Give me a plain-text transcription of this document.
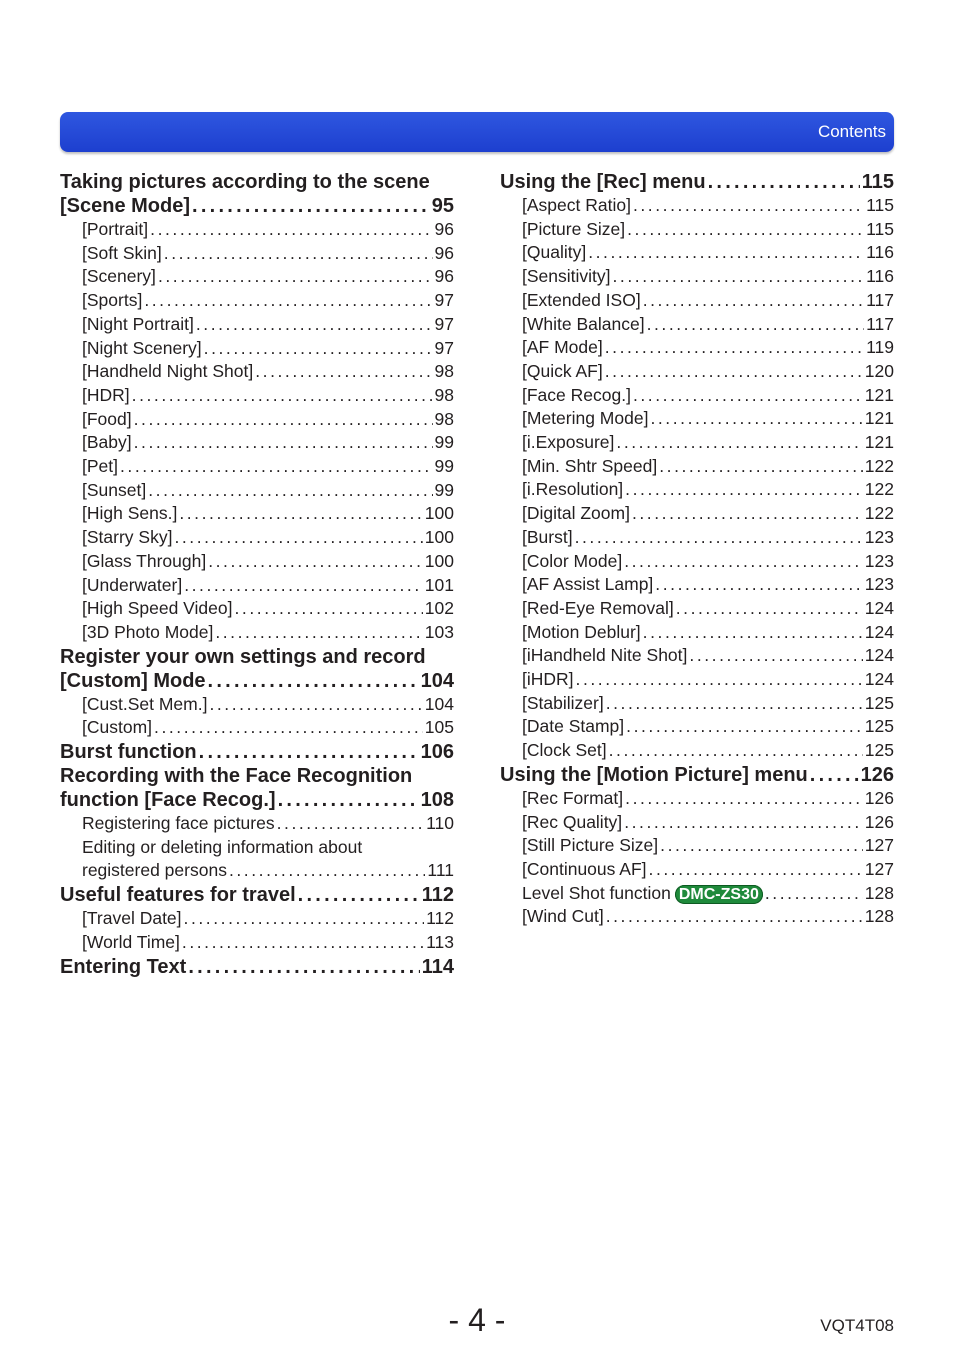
Contents
Taking pictures according to the scene
[Scene Mode] . . .	95
[Portrait] . . .	96
[Soft Skin] . . .	96
[Scenery] . . .	96
[Sports] . . .	97
[Night Portrait] . . .	97
[Night Scenery] . . .	97
[Handheld Night Shot] . . .	98
[HDR] . . .	98
[Food] . . .	98
[Baby] . . .	99
[Pet] . . .	99
[Sunset] . . .	99
[High Sens.] . . .	100
[Starry Sky] . . .	100
[Glass Through] . . .	100
[Underwater] . . .	101
[High Speed Video] . . .	102
[3D Photo Mode] . . .	103
Register your own settings and record
[Custom] Mode . . .	104
[Cust.Set Mem.] . . .	104
[Custom] . . .	105
Burst function . . .	106
Recording with the Face Recognition
function [Face Recog.] . . .	108
Registering face pictures . . .	110
Editing or deleting information about
registered persons . . .	111
Useful features for travel . . .	112
[Travel Date] . . .	112
[World Time] . . .	113
Entering Text . . .	114
Using the [Rec] menu . . .	115
[Aspect Ratio] . . .	115
[Picture Size] . . .	115
[Quality] . . .	116
[Sensitivity] . . .	116
[Extended ISO] . . .	117
[White Balance] . . .	117
[AF Mode] . . .	119
[Quick AF] . . .	120
[Face Recog.] . . .	121
[Metering Mode] . . .	121
[i.Exposure] . . .	121
[Min. Shtr Speed] . . .	122
[i.Resolution] . . .	122
[Digital Zoom] . . .	122
[Burst] . . .	123
[Color Mode] . . .	123
[AF Assist Lamp] . . .	123
[Red-Eye Removal] . . .	124
[Motion Deblur] . . .	124
[iHandheld Nite Shot] . . .	124
[iHDR] . . .	124
[Stabilizer] . . .	125
[Date Stamp] . . .	125
[Clock Set] . . .	125
Using the [Motion Picture] menu . . .	126
[Rec Format] . . .	126
[Rec Quality] . . .	126
[Still Picture Size] . . .	127
[Continuous AF] . . .	127
Level Shot function DMC-ZS30 . . .	128
[Wind Cut] . . .	128
- 4 -	VQT4T08
